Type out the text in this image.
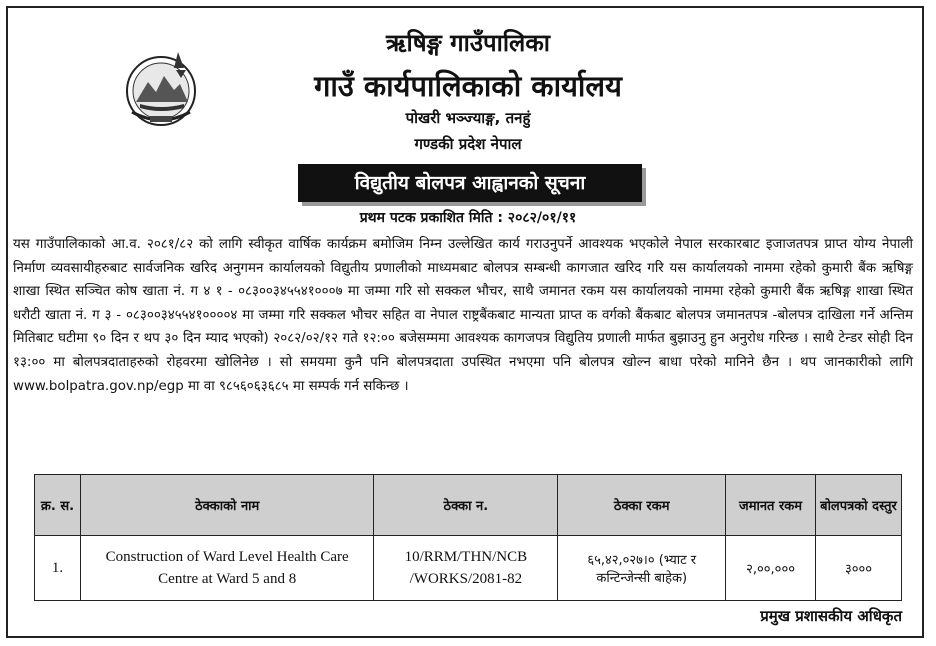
ऋषिङ्ग गाउँपालिका
गाउँ कार्यपालिकाको कार्यालय
पोखरी भञ्ज्याङ्ग, तनहुं
गण्डकी प्रदेश नेपाल
विद्युतीय बोलपत्र आह्वानको सूचना
प्रथम पटक प्रकाशित मिति : २०८२/०१/११

यस गाउँपालिकाको आ.व. २०८१/८२ को लागि स्वीकृत वार्षिक कार्यक्रम बमोजिम निम्न उल्लेखित कार्य गराउनुपर्ने आवश्यक भएकोले नेपाल सरकारबाट इजाजतपत्र प्राप्त योग्य नेपाली निर्माण व्यवसायीहरुबाट सार्वजनिक खरिद अनुगमन कार्यालयको विद्युतीय प्रणालीको माध्यमबाट बोलपत्र सम्बन्धी कागजात खरिद गरि यस कार्यालयको नाममा रहेको कुमारी बैंक ऋषिङ्ग शाखा स्थित सञ्चित कोष खाता नं. ग ४ १ - ०८३००३४५५४१०००७ मा जम्मा गरि सो सक्कल भौचर, साथै जमानत रकम यस कार्यालयको नाममा रहेको कुमारी बैंक ऋषिङ्ग शाखा स्थित धरौटी खाता नं. ग ३ - ०८३००३४५५४१००००४ मा जम्मा गरि सक्कल भौचर सहित वा नेपाल राष्ट्रबैंकबाट मान्यता प्राप्त क वर्गको बैंकबाट बोलपत्र जमानतपत्र -बोलपत्र दाखिला गर्ने अन्तिम मितिबाट घटीमा ९० दिन र थप ३० दिन म्याद भएको) २०८२/०२/१२ गते १२:०० बजेसम्ममा आवश्यक कागजपत्र विद्युतिय प्रणाली मार्फत बुझाउनु हुन अनुरोध गरिन्छ । साथै टेन्डर सोही दिन १३:०० मा बोलपत्रदाताहरुको रोहवरमा खोलिनेछ । सो समयमा कुनै पनि बोलपत्रदाता उपस्थित नभएमा पनि बोलपत्र खोल्न बाधा परेको मानिने छैन । थप जानकारीको लागि www.bolpatra.gov.np/egp मा वा ९८५६०६३६८५ मा सम्पर्क गर्न सकिन्छ ।

क्र. स.	ठेक्काको नाम	ठेक्का न.	ठेक्का रकम	जमानत रकम	बोलपत्रको दस्तुर
1.	Construction of Ward Level Health Care Centre at Ward 5 and 8	10/RRM/THN/NCB /WORKS/2081-82	६५,४२,०२७।० (भ्याट र कन्टिन्जेन्सी बाहेक)	२,००,०००	३०००
प्रमुख प्रशासकीय अधिकृत
